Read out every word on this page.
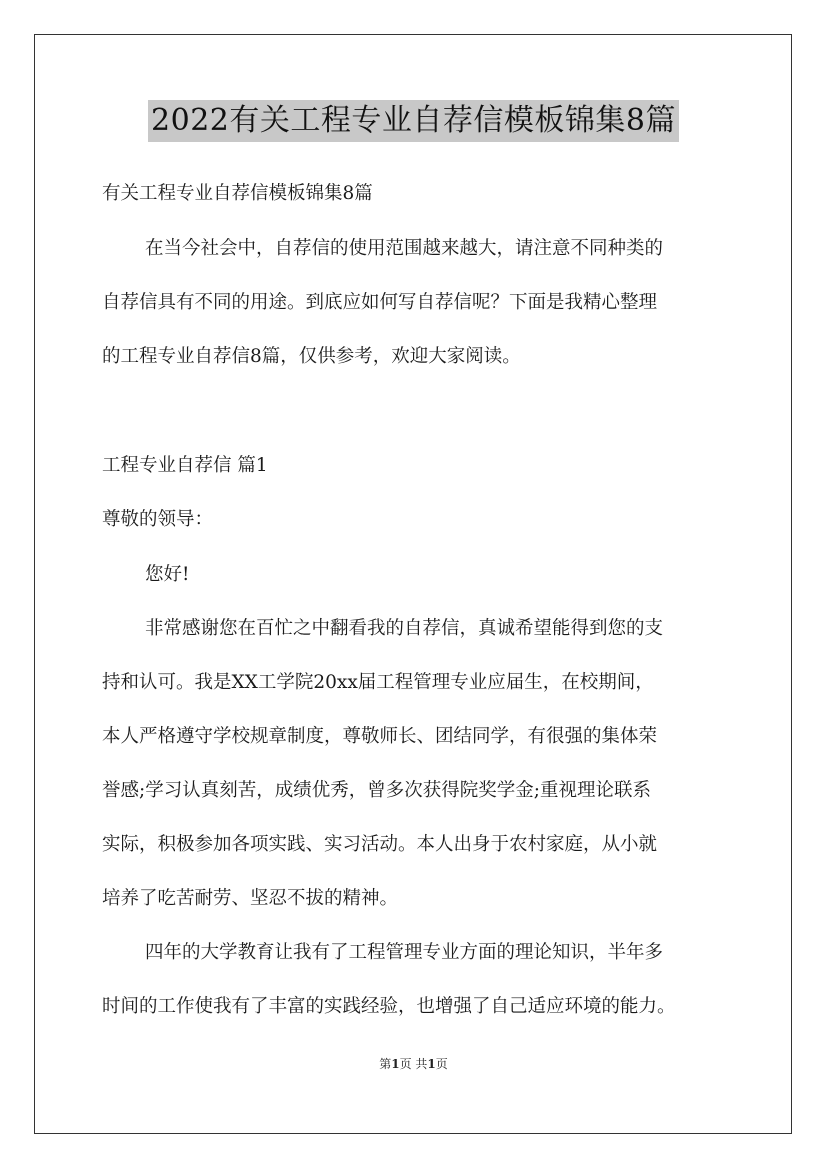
2022有关工程专业自荐信模板锦集8篇
有关工程专业自荐信模板锦集8篇
在当今社会中，自荐信的使用范围越来越大，请注意不同种类的
自荐信具有不同的用途。到底应如何写自荐信呢？下面是我精心整理
的工程专业自荐信8篇，仅供参考，欢迎大家阅读。
工程专业自荐信 篇1
尊敬的领导：
您好!
非常感谢您在百忙之中翻看我的自荐信，真诚希望能得到您的支
持和认可。我是XX工学院20xx届工程管理专业应届生，在校期间，
本人严格遵守学校规章制度，尊敬师长、团结同学，有很强的集体荣
誉感;学习认真刻苦，成绩优秀，曾多次获得院奖学金;重视理论联系
实际，积极参加各项实践、实习活动。本人出身于农村家庭，从小就
培养了吃苦耐劳、坚忍不拔的精神。
四年的大学教育让我有了工程管理专业方面的理论知识，半年多
时间的工作使我有了丰富的实践经验，也增强了自己适应环境的能力。
第1页 共1页
